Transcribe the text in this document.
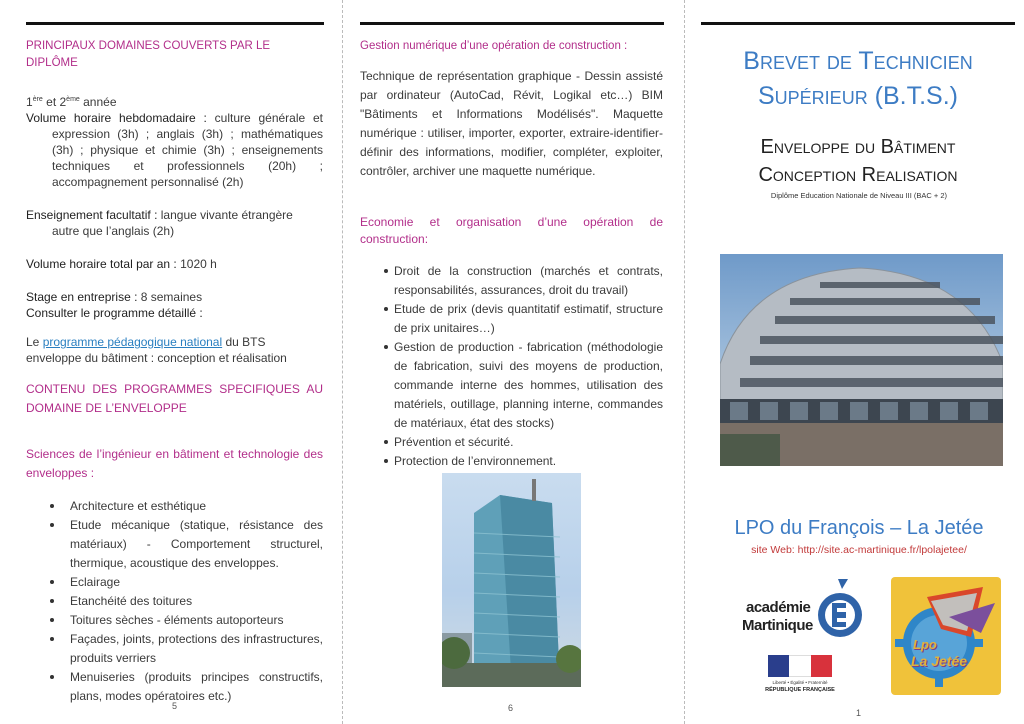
PRINCIPAUX DOMAINES COUVERTS PAR LE DIPLÔME

1ère et 2ème année

Volume horaire hebdomadaire : culture générale et expression (3h) ; anglais (3h) ; mathématiques (3h) ; physique et chimie (3h) ; enseignements techniques et professionnels (20h) ; accompagnement personnalisé (2h)

Enseignement facultatif : langue vivante étrangère autre que l’anglais (2h)

Volume horaire total par an : 1020 h

Stage en entreprise : 8 semaines

Consulter le programme détaillé :

Le programme pédagogique national du BTS enveloppe du bâtiment : conception et réalisation

CONTENU DES PROGRAMMES SPECIFIQUES AU DOMAINE DE L’ENVELOPPE

Sciences de l’ingénieur en bâtiment et technologie des enveloppes :

Architecture et esthétique
Etude mécanique (statique, résistance des matériaux) - Comportement structurel, thermique, acoustique des enveloppes.
Eclairage
Etanchéité des toitures
Toitures sèches - éléments autoporteurs
Façades, joints, protections des infrastructures, produits verriers
Menuiseries (produits principes constructifs, plans, modes opératoires etc.)
5

Gestion numérique d’une opération de construction :

Technique de représentation graphique - Dessin assisté par ordinateur (AutoCad, Révit, Logikal etc…) BIM "Bâtiments et Informations Modélisés". Maquette numérique : utiliser, importer, exporter, extraire-identifier-définir des informations, modifier, compléter, exploiter, contrôler, archiver une maquette numérique.

Economie et organisation d’une opération de construction:

Droit de la construction (marchés et contrats, responsabilités, assurances, droit du travail)
Etude de prix (devis quantitatif estimatif, structure de prix unitaires…)
Gestion de production - fabrication (méthodologie de fabrication, suivi des moyens de production, commande interne des hommes, utilisation des matériels, outillage, planning interne, commandes de matériaux, état des stocks)
Prévention et sécurité.
Protection de l’environnement.
6

Brevet de Technicien

Supérieur (B.T.S.)

Enveloppe du Bâtiment

Conception Realisation

Diplôme Education Nationale de Niveau III (BAC + 2)

LPO du François – La Jetée

site Web: http://site.ac-martinique.fr/lpolajetee/

académie
Martinique
Liberté • Égalité • Fraternité
RÉPUBLIQUE FRANÇAISE
Lpo
La Jetée
1
